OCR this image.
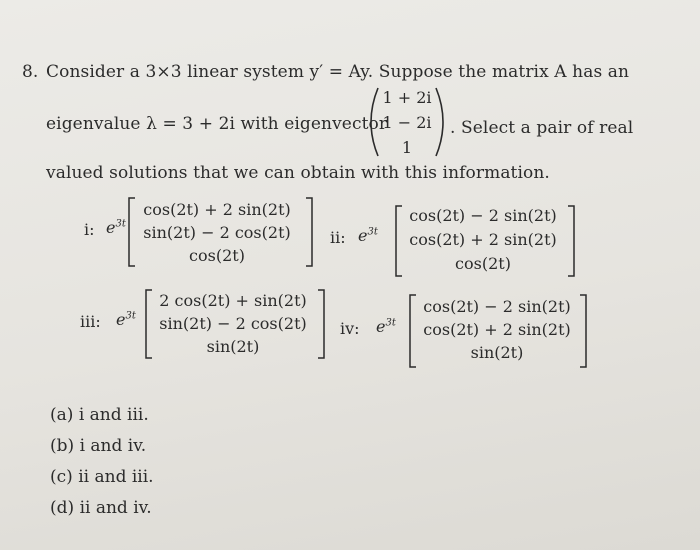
8. Consider a 3×3 linear system y′ = Ay. Suppose the matrix A has an
eigenvalue λ = 3 + 2i with eigenvector
1 + 2i
1 − 2i
1
. Select a pair of real
valued solutions that we can obtain with this information.
i: $e^{3t}$
cos(2t) + 2 sin(2t)
sin(2t) − 2 cos(2t)
cos(2t)
ii: $e^{3t}$
cos(2t) − 2 sin(2t)
cos(2t) + 2 sin(2t)
cos(2t)
iii: $e^{3t}$
2 cos(2t) + sin(2t)
sin(2t) − 2 cos(2t)
sin(2t)
iv: $e^{3t}$
cos(2t) − 2 sin(2t)
cos(2t) + 2 sin(2t)
sin(2t)
(a) i and iii.
(b) i and iv.
(c) ii and iii.
(d) ii and iv.
